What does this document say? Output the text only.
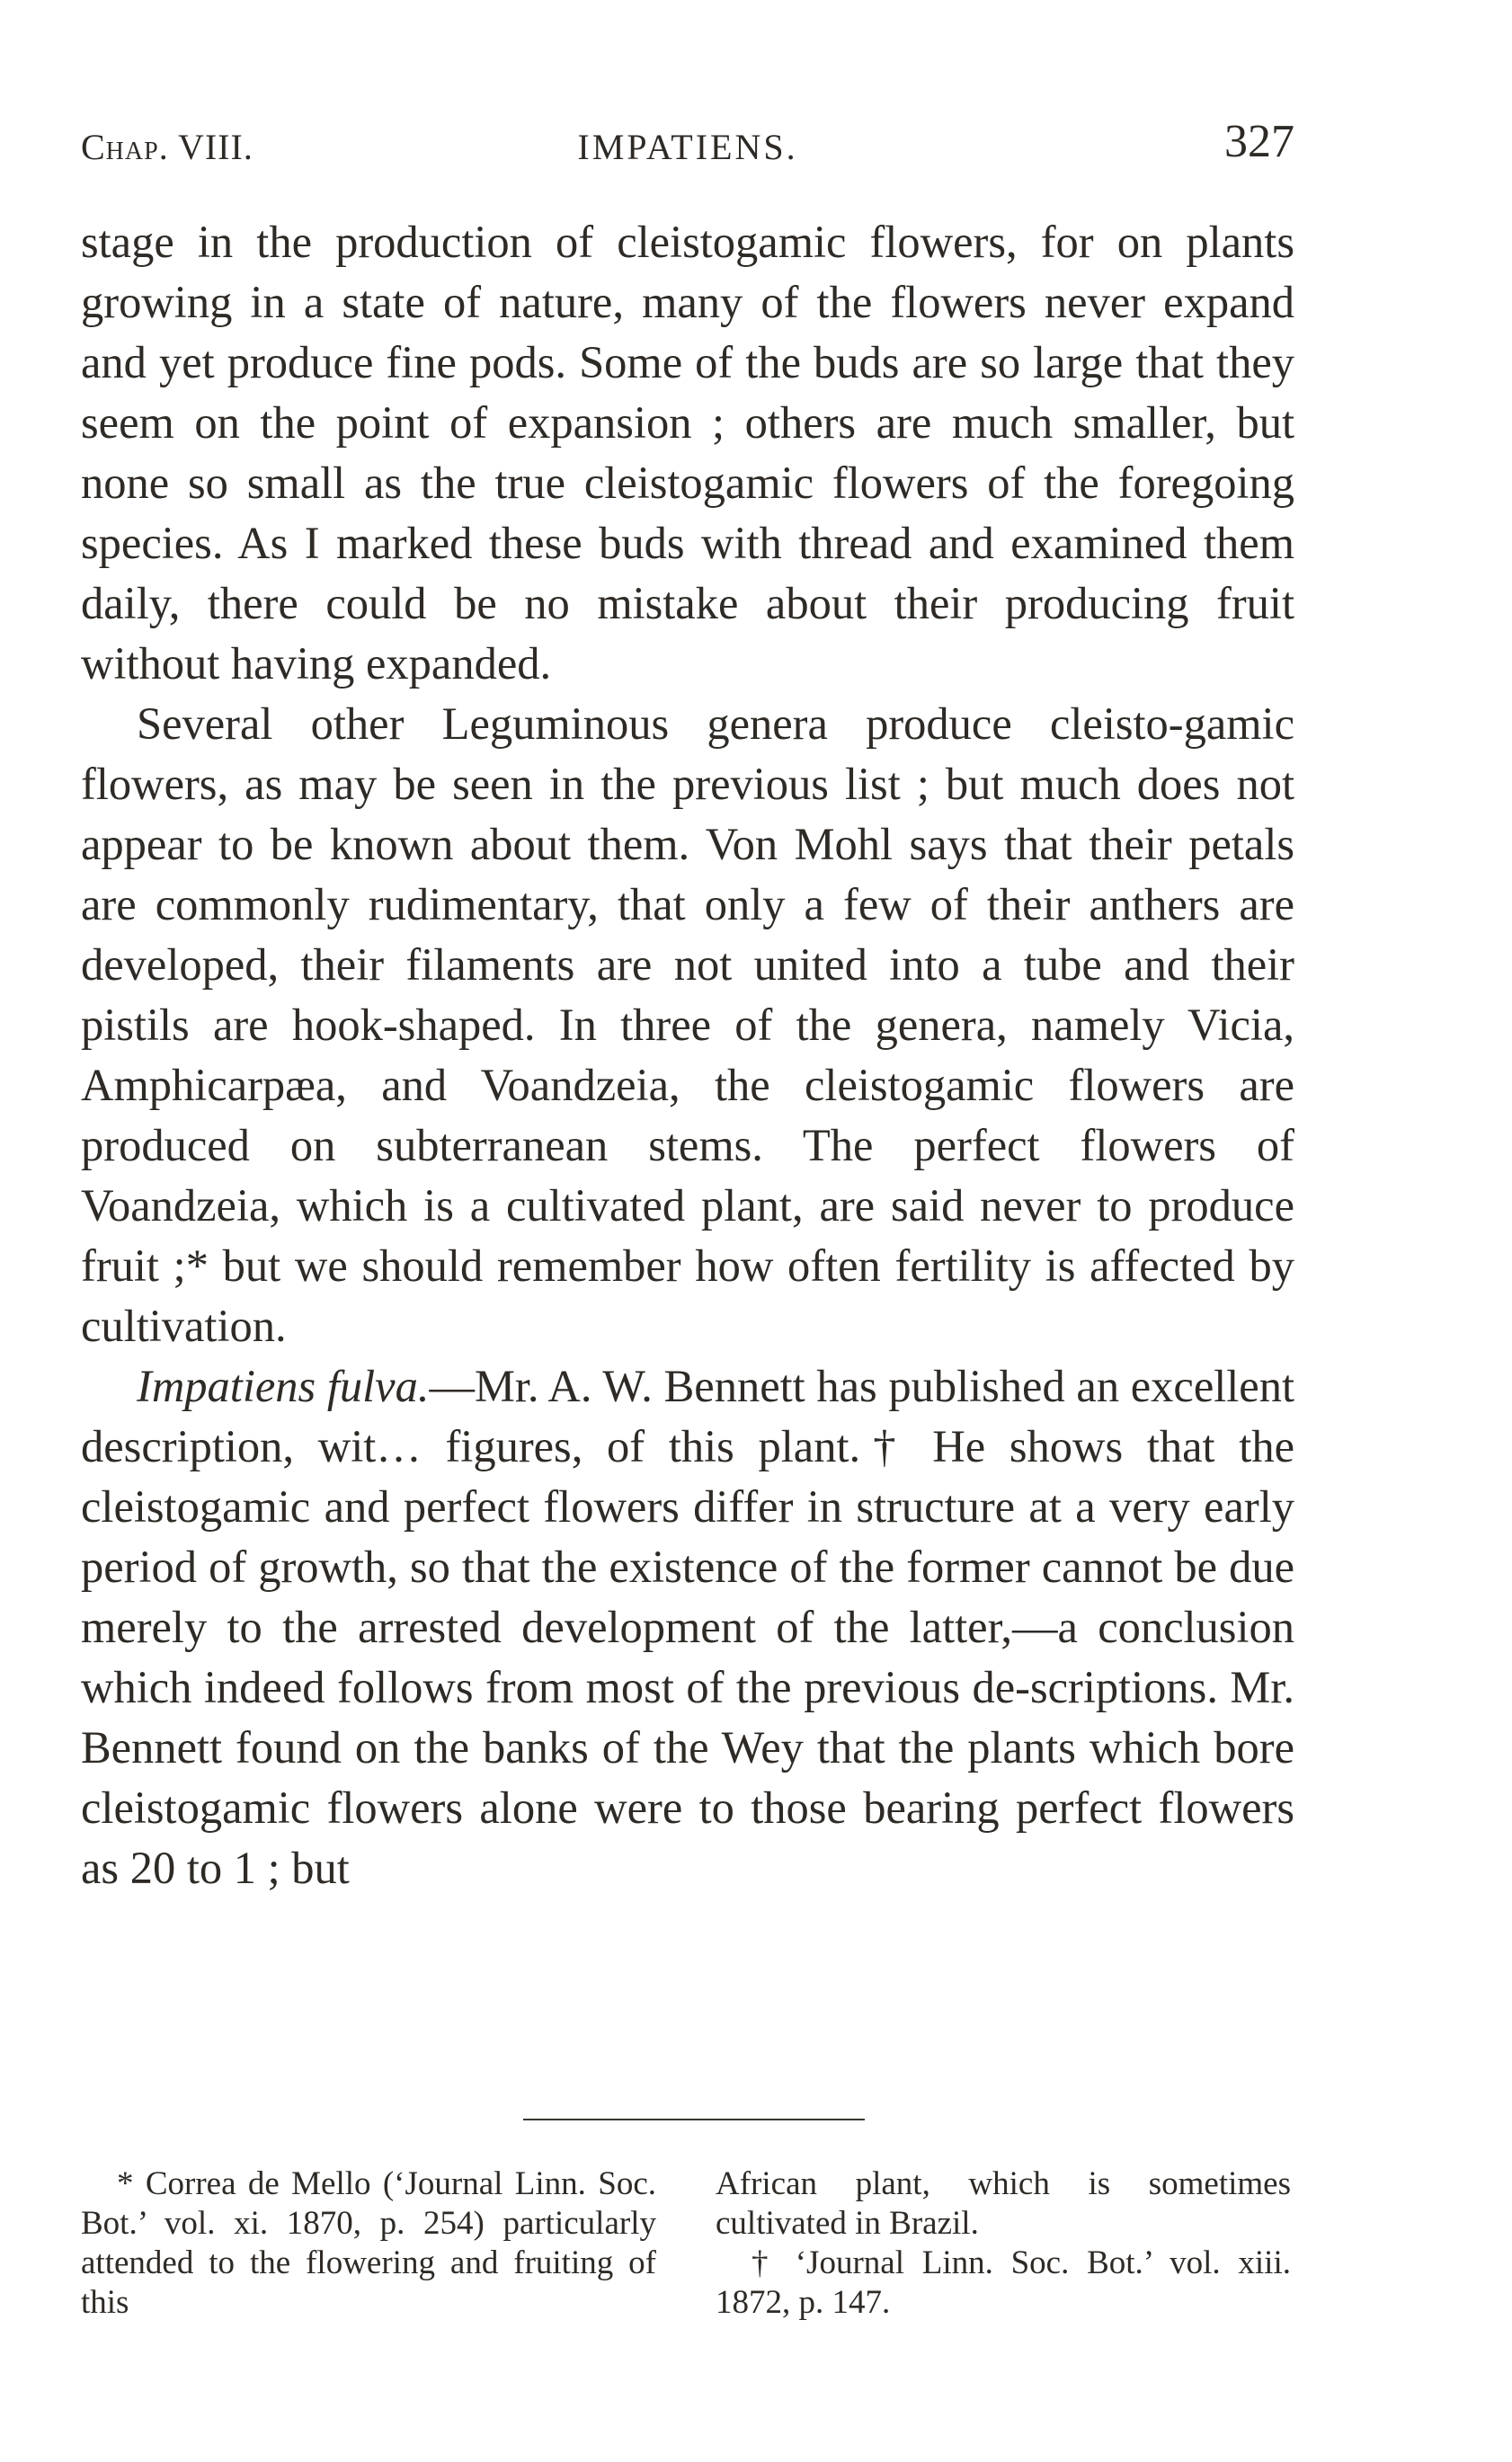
Chap. VIII.	IMPATIENS.	327

stage in the production of cleistogamic flowers, for on plants growing in a state of nature, many of the flowers never expand and yet produce fine pods. Some of the buds are so large that they seem on the point of expansion ; others are much smaller, but none so small as the true cleistogamic flowers of the foregoing species. As I marked these buds with thread and examined them daily, there could be no mistake about their producing fruit without having expanded.

Several other Leguminous genera produce cleisto-gamic flowers, as may be seen in the previous list ; but much does not appear to be known about them. Von Mohl says that their petals are commonly rudimentary, that only a few of their anthers are developed, their filaments are not united into a tube and their pistils are hook-shaped. In three of the genera, namely Vicia, Amphicarpæa, and Voandzeia, the cleistogamic flowers are produced on subterranean stems. The perfect flowers of Voandzeia, which is a cultivated plant, are said never to produce fruit ;* but we should remember how often fertility is affected by cultivation.

Impatiens fulva.—Mr. A. W. Bennett has published an excellent description, wit… figures, of this plant.† He shows that the cleistogamic and perfect flowers differ in structure at a very early period of growth, so that the existence of the former cannot be due merely to the arrested development of the latter,—a conclusion which indeed follows from most of the previous de-scriptions. Mr. Bennett found on the banks of the Wey that the plants which bore cleistogamic flowers alone were to those bearing perfect flowers as 20 to 1 ; but

* Correa de Mello (‘Journal Linn. Soc. Bot.’ vol. xi. 1870, p. 254) particularly attended to the flowering and fruiting of this

African plant, which is sometimes cultivated in Brazil.

† ‘Journal Linn. Soc. Bot.’ vol. xiii. 1872, p. 147.
